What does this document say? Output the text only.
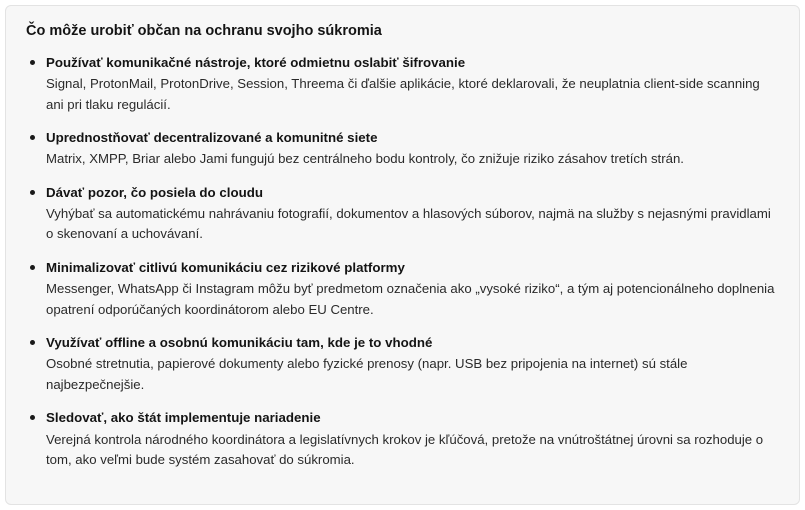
Čo môže urobiť občan na ochranu svojho súkromia
Používať komunikačné nástroje, ktoré odmietnu oslabiť šifrovanie
Signal, ProtonMail, ProtonDrive, Session, Threema či ďalšie aplikácie, ktoré deklarovali, že neuplatnia client-side scanning ani pri tlaku regulácií.
Uprednostňovať decentralizované a komunitné siete
Matrix, XMPP, Briar alebo Jami fungujú bez centrálneho bodu kontroly, čo znižuje riziko zásahov tretích strán.
Dávať pozor, čo posiela do cloudu
Vyhýbať sa automatickému nahrávaniu fotografií, dokumentov a hlasových súborov, najmä na služby s nejasnými pravidlami o skenovaní a uchovávaní.
Minimalizovať citlivú komunikáciu cez rizikové platformy
Messenger, WhatsApp či Instagram môžu byť predmetom označenia ako „vysoké riziko“, a tým aj potencionálneho doplnenia opatrení odporúčaných koordinátorom alebo EU Centre.
Využívať offline a osobnú komunikáciu tam, kde je to vhodné
Osobné stretnutia, papierové dokumenty alebo fyzické prenosy (napr. USB bez pripojenia na internet) sú stále najbezpečnejšie.
Sledovať, ako štát implementuje nariadenie
Verejná kontrola národného koordinátora a legislatívnych krokov je kľúčová, pretože na vnútroštátnej úrovni sa rozhoduje o tom, ako veľmi bude systém zasahovať do súkromia.
